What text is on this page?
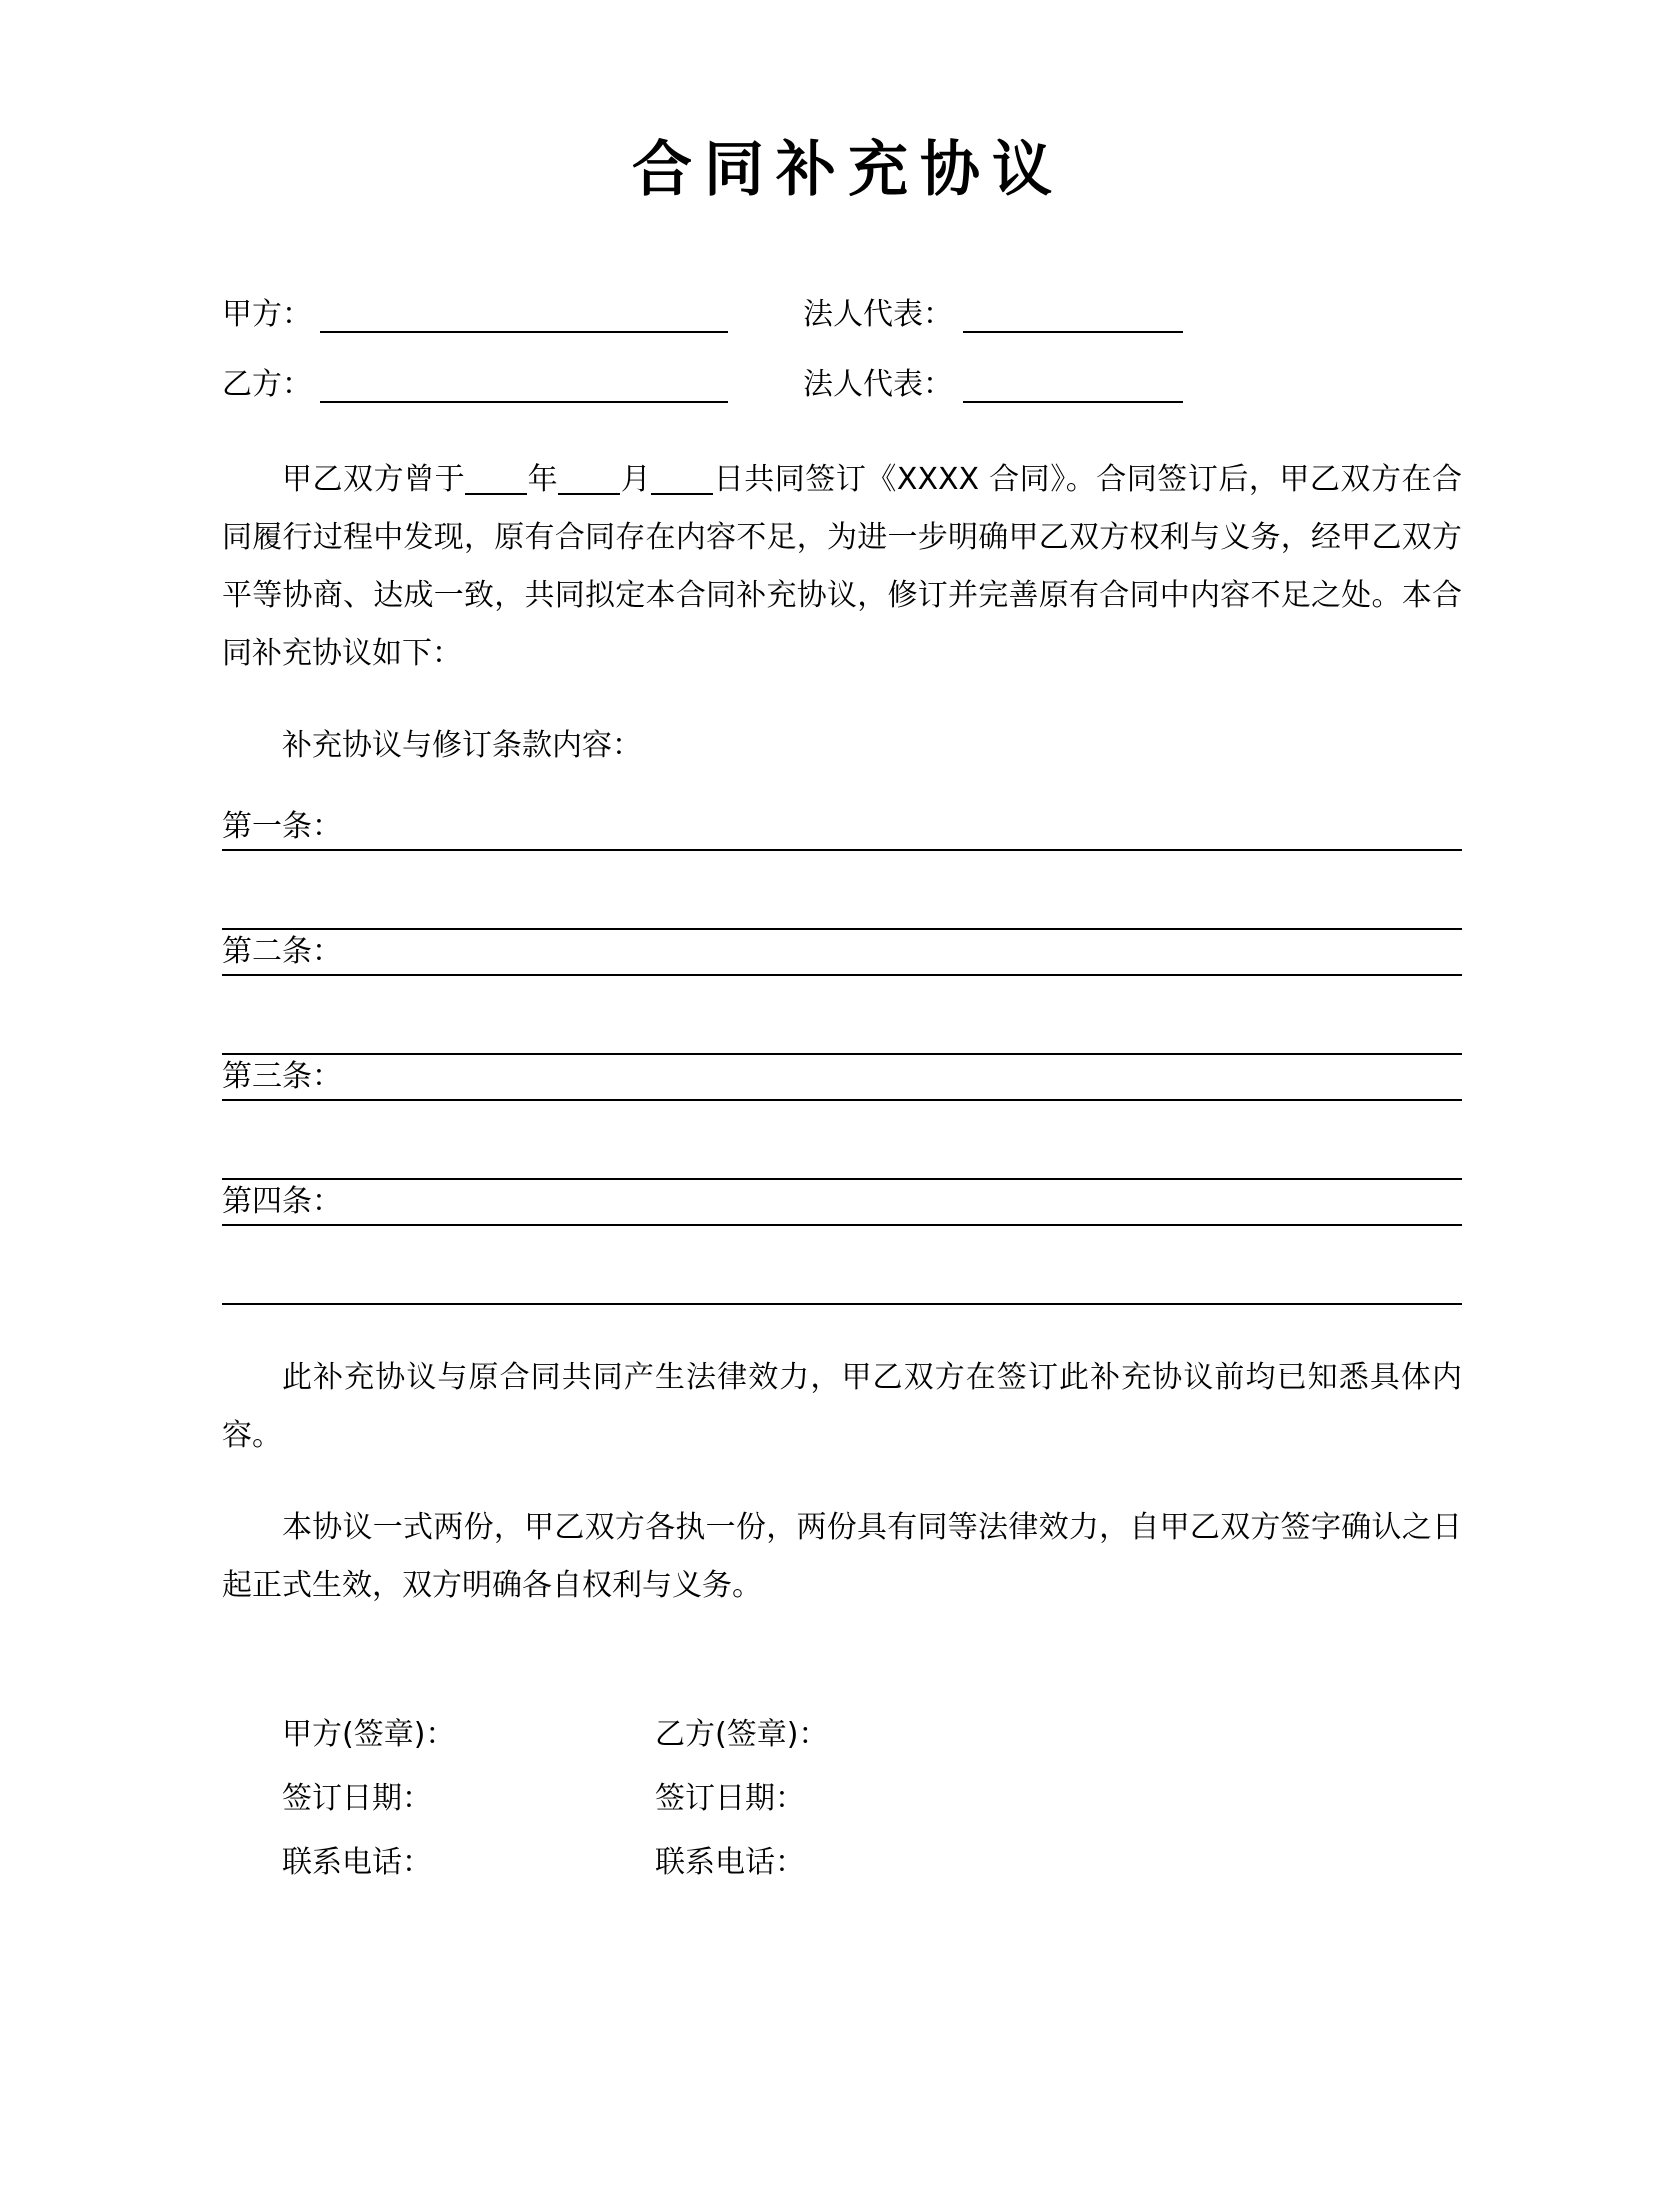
合同补充协议
甲方 ：	法人代表 ：
乙方 ：	法人代表 ：

甲乙双方曾于 年 月 日共同签订《XXXX 合同》。合同签订后，甲乙双方在合同履行过程中发现，原有合同存在内容不足，为进一步明确甲乙双方权利与义务，经甲乙双方平等协商、达成一致，共同拟定本合同补充协议，修订并完善原有合同中内容不足之处。本合同补充协议如下：

补充协议与修订条款内容：

第一条：
第二条：
第三条：
第四条：

此补充协议与原合同共同产生法律效力，甲乙双方在签订此补充协议前均已知悉具体内容。

本协议一式两份，甲乙双方各执一份，两份具有同等法律效力，自甲乙双方签字确认之日起正式生效，双方明确各自权利与义务。

甲方(签章)：
签订日期：
联系电话：
乙方(签章)：
签订日期：
联系电话：
